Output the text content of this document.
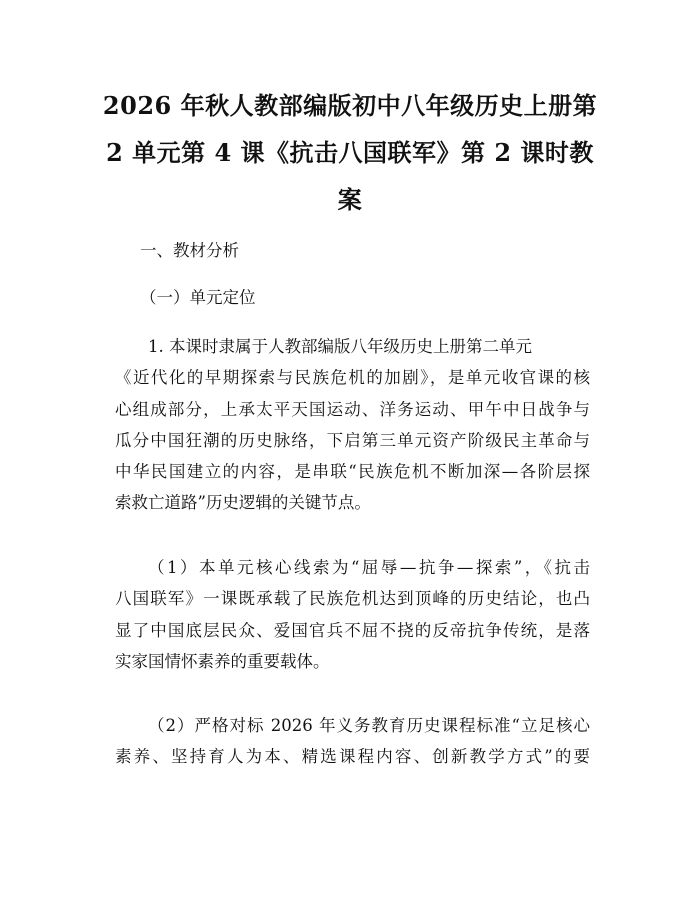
2026 年秋人教部编版初中八年级历史上册第
2 单元第 4 课《抗击八国联军》第 2 课时教
案
一、教材分析
（一）单元定位
1. 本课时隶属于人教部编版八年级历史上册第二单元
《近代化的早期探索与民族危机的加剧》，是单元收官课的核
心组成部分，上承太平天国运动、洋务运动、甲午中日战争与
瓜分中国狂潮的历史脉络，下启第三单元资产阶级民主革命与
中华民国建立的内容，是串联“民族危机不断加深—各阶层探
索救亡道路”历史逻辑的关键节点。
（1）本单元核心线索为“屈辱—抗争—探索”，《抗击
八国联军》一课既承载了民族危机达到顶峰的历史结论，也凸
显了中国底层民众、爱国官兵不屈不挠的反帝抗争传统，是落
实家国情怀素养的重要载体。
（2）严格对标 2026 年义务教育历史课程标准“立足核心
素养、坚持育人为本、精选课程内容、创新教学方式”的要
